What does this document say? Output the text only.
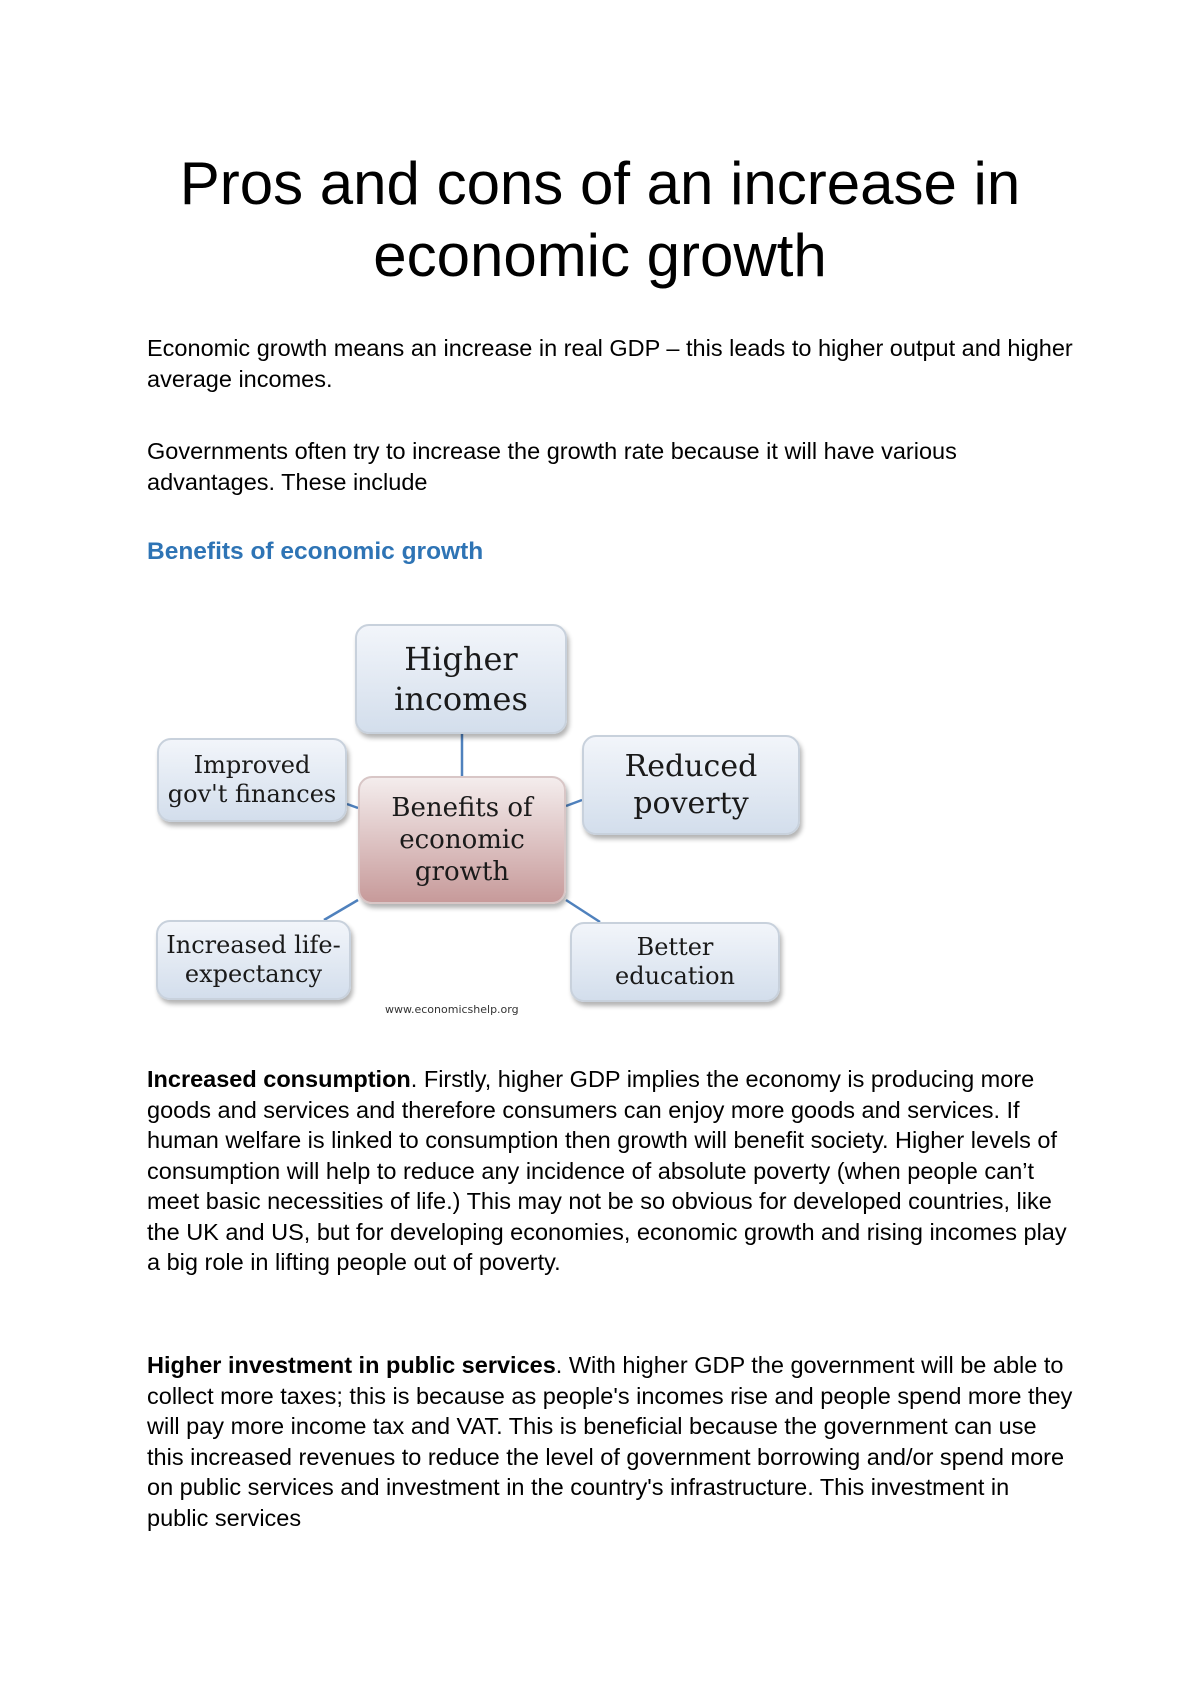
Pros and cons of an increase in economic growth

Economic growth means an increase in real GDP – this leads to higher output and higher average incomes.

Governments often try to increase the growth rate because it will have various advantages. These include

Benefits of economic growth
Higher
incomes
Improved
gov't finances
Reduced
poverty
Benefits of
economic
growth
Increased life-
expectancy
Better
education
www.economicshelp.org

Increased consumption. Firstly, higher GDP implies the economy is producing more goods and services and therefore consumers can enjoy more goods and services. If human welfare is linked to consumption then growth will benefit society. Higher levels of consumption will help to reduce any incidence of absolute poverty (when people can’t meet basic necessities of life.) This may not be so obvious for developed countries, like the UK and US, but for developing economies, economic growth and rising incomes play a big role in lifting people out of poverty.

Higher investment in public services. With higher GDP the government will be able to collect more taxes; this is because as people's incomes rise and people spend more they will pay more income tax and VAT. This is beneficial because the government can use this increased revenues to reduce the level of government borrowing and/or spend more on public services and investment in the country's infrastructure. This investment in public services
